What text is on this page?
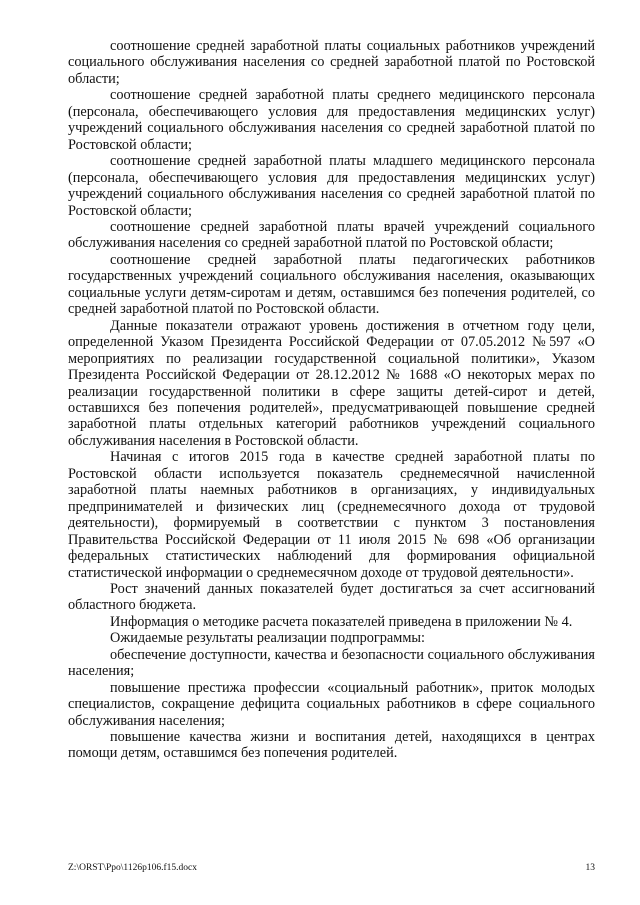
соотношение средней заработной платы социальных работников учреждений социального обслуживания населения со средней заработной платой по Ростовской области;

соотношение средней заработной платы среднего медицинского персонала (персонала, обеспечивающего условия для предоставления медицинских услуг) учреждений социального обслуживания населения со средней заработной платой по Ростовской области;

соотношение средней заработной платы младшего медицинского персонала (персонала, обеспечивающего условия для предоставления медицинских услуг) учреждений социального обслуживания населения со средней заработной платой по Ростовской области;

соотношение средней заработной платы врачей учреждений социального обслуживания населения со средней заработной платой по Ростовской области;

соотношение средней заработной платы педагогических работников государственных учреждений социального обслуживания населения, оказывающих социальные услуги детям-сиротам и детям, оставшимся без попечения родителей, со средней заработной платой по Ростовской области.

Данные показатели отражают уровень достижения в отчетном году цели, определенной Указом Президента Российской Федерации от 07.05.2012 №597 «О мероприятиях по реализации государственной социальной политики», Указом Президента Российской Федерации от 28.12.2012 № 1688 «О некоторых мерах по реализации государственной политики в сфере защиты детей-сирот и детей, оставшихся без попечения родителей», предусматривающей повышение средней заработной платы отдельных категорий работников учреждений социального обслуживания населения в Ростовской области.

Начиная с итогов 2015 года в качестве средней заработной платы по Ростовской области используется показатель среднемесячной начисленной заработной платы наемных работников в организациях, у индивидуальных предпринимателей и физических лиц (среднемесячного дохода от трудовой деятельности), формируемый в соответствии с пунктом 3 постановления Правительства Российской Федерации от 11 июля 2015 № 698 «Об организации федеральных статистических наблюдений для формирования официальной статистической информации о среднемесячном доходе от трудовой деятельности».

Рост значений данных показателей будет достигаться за счет ассигнований областного бюджета.

Информация о методике расчета показателей приведена в приложении № 4.

Ожидаемые результаты реализации подпрограммы:

обеспечение доступности, качества и безопасности социального обслуживания населения;

повышение престижа профессии «социальный работник», приток молодых специалистов, сокращение дефицита социальных работников в сфере социального обслуживания населения;

повышение качества жизни и воспитания детей, находящихся в центрах помощи детям, оставшимся без попечения родителей.

Z:\ORST\Ppo\1126p106.f15.docx	13
